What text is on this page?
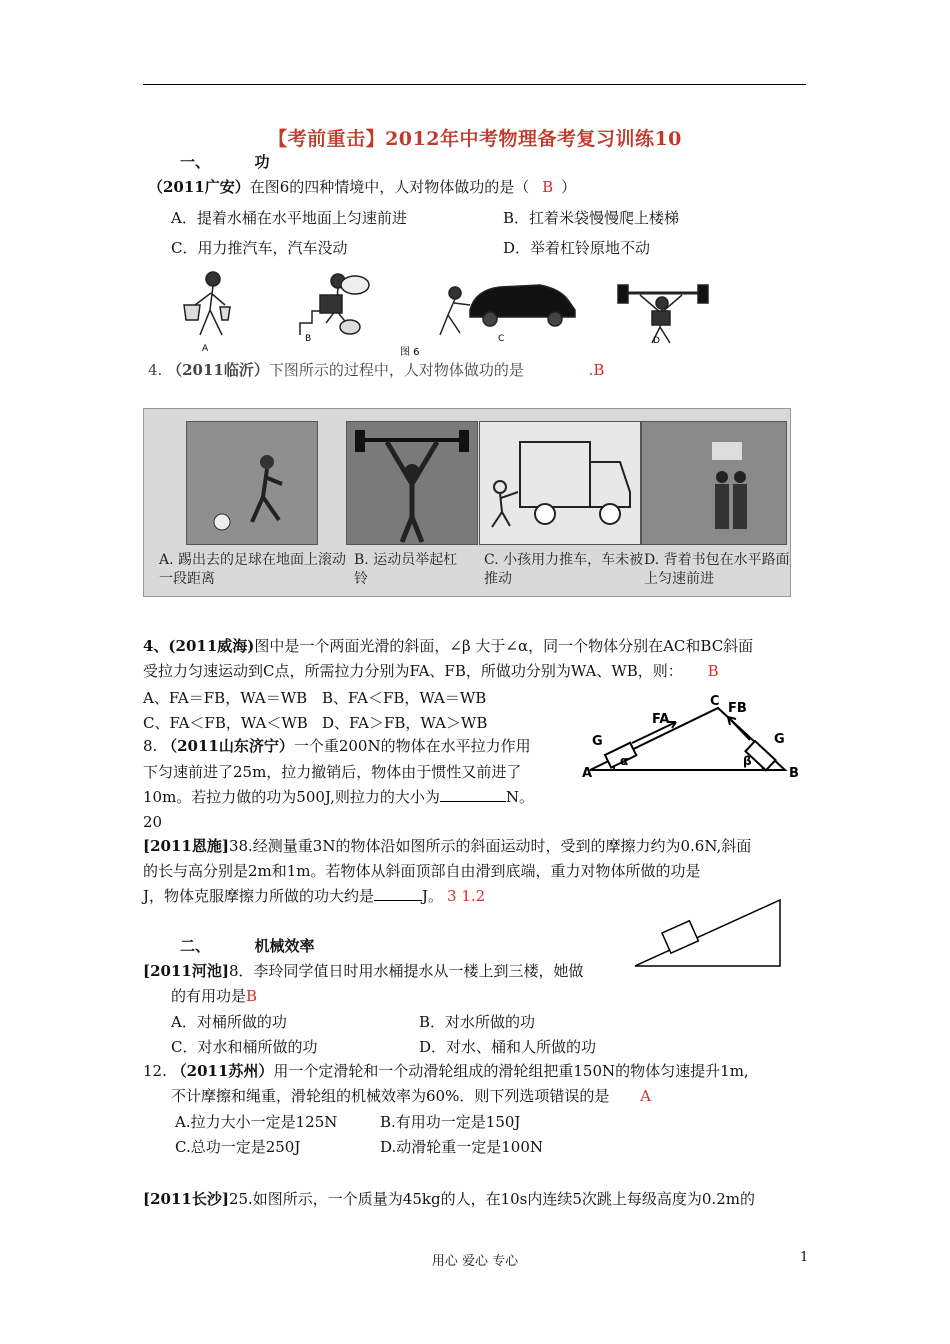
【考前重击】2012年中考物理备考复习训练10
一、	功
（2011广安）在图6的四种情境中，人对物体做功的是（ B ）
A．提着水桶在水平地面上匀速前进	B．扛着米袋慢慢爬上楼梯
C．用力推汽车，汽车没动	D．举着杠铃原地不动
A
B	C	D
图 6
4. （2011临沂）下图所示的过程中，人对物体做功的是	.B
A. 踢出去的足球在地面上滚动一段距离
B. 运动员举起杠铃
C. 小孩用力推车，车未被推动
D. 背着书包在水平路面上匀速前进
4、(2011威海)图中是一个两面光滑的斜面，∠β 大于∠α，同一个物体分别在AC和BC斜面
受拉力匀速运动到C点，所需拉力分别为FA、FB，所做功分别为WA、WB，则： B
A、FA＝FB，WA＝WB B、FA＜FB，WA＝WB
C、FA＜FB，WA＜WB D、FA＞FB，WA＞WB
A	B
C
G	G
FA
FB
α	β
8. （2011山东济宁）一个重200N的物体在水平拉力作用
下匀速前进了25m，拉力撤销后，物体由于惯性又前进了
10m。若拉力做的功为500J,则拉力的大小为	N。
20
[2011恩施]38.经测量重3N的物体沿如图所示的斜面运动时，受到的摩擦力约为0.6N,斜面
的长与高分别是2m和1m。若物体从斜面顶部自由滑到底端，重力对物体所做的功是
J，物体克服摩擦力所做的功大约是	J。 3 1.2
二、	机械效率
[2011河池]8．李玲同学值日时用水桶提水从一楼上到三楼，她做
的有用功是B
A．对桶所做的功	B．对水所做的功
C．对水和桶所做的功	D．对水、桶和人所做的功
12. （2011苏州）用一个定滑轮和一个动滑轮组成的滑轮组把重150N的物体匀速提升1m,
不计摩擦和绳重，滑轮组的机械效率为60%．则下列选项错误的是 A
A.拉力大小一定是125N	B.有用功一定是150J
C.总功一定是250J	D.动滑轮重一定是100N
[2011长沙]25.如图所示，一个质量为45kg的人，在10s内连续5次跳上每级高度为0.2m的
用心 爱心 专心	1
